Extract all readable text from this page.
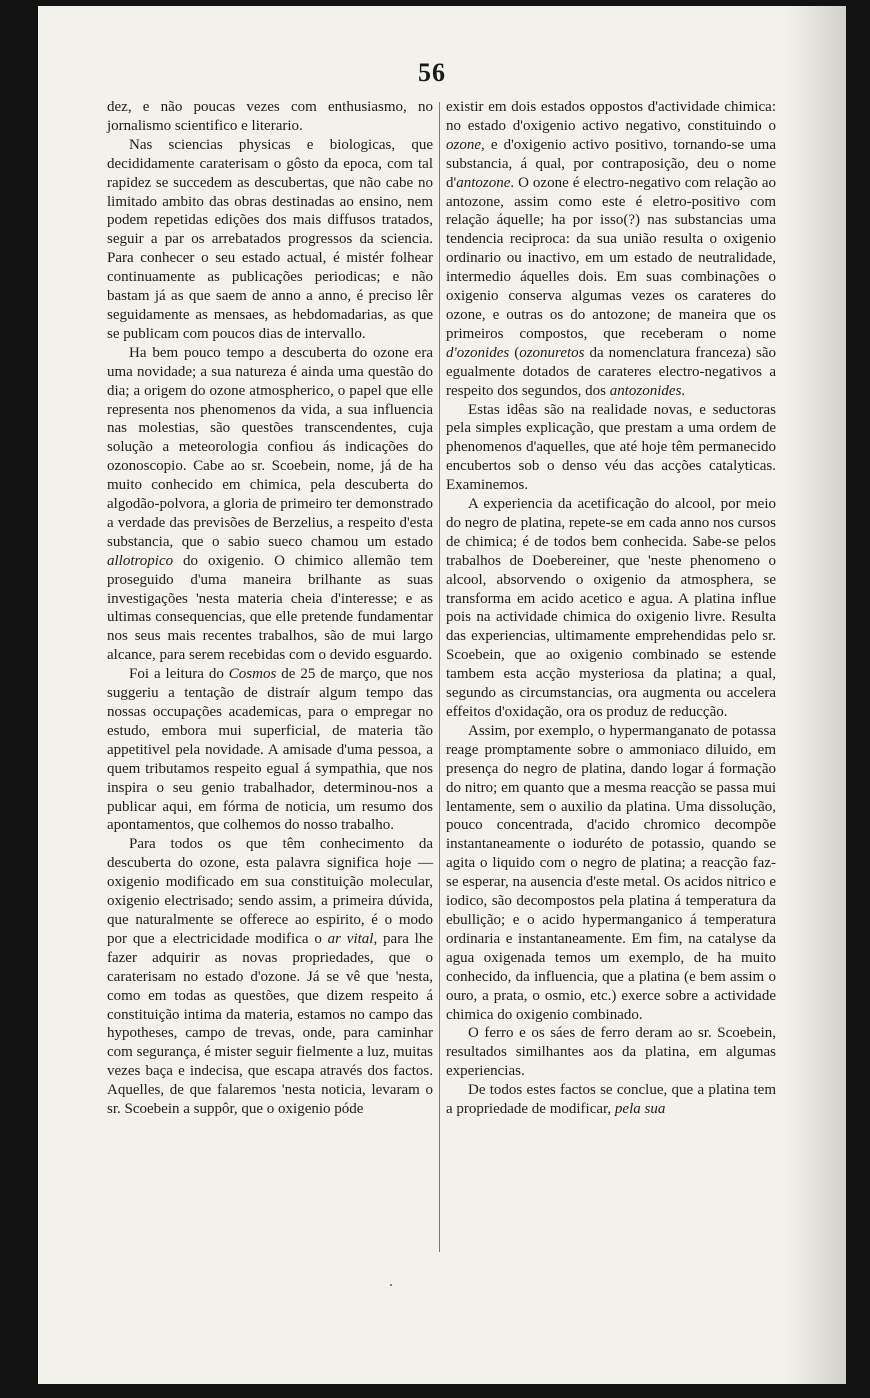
56

dez, e não poucas vezes com enthusiasmo, no jornalismo scientifico e literario.

Nas sciencias physicas e biologicas, que decididamente caraterisam o gôsto da epoca, com tal rapidez se succedem as descubertas, que não cabe no limitado ambito das obras destinadas ao ensino, nem podem repetidas edições dos mais diffusos tratados, seguir a par os arrebatados progressos da sciencia. Para conhecer o seu estado actual, é mistér folhear continuamente as publicações periodicas; e não bastam já as que saem de anno a anno, é preciso lêr seguidamente as mensaes, as hebdomadarias, as que se publicam com poucos dias de intervallo.

Ha bem pouco tempo a descuberta do ozone era uma novidade; a sua natureza é ainda uma questão do dia; a origem do ozone atmospherico, o papel que elle representa nos phenomenos da vida, a sua influencia nas molestias, são questões transcendentes, cuja solução a meteorologia confiou ás indicações do ozonoscopio. Cabe ao sr. Scoebein, nome, já de ha muito conhecido em chimica, pela descuberta do algodão-polvora, a gloria de primeiro ter demonstrado a verdade das previsões de Berzelius, a respeito d'esta substancia, que o sabio sueco chamou um estado allotropico do oxigenio. O chimico allemão tem proseguido d'uma maneira brilhante as suas investigações 'nesta materia cheia d'interesse; e as ultimas consequencias, que elle pretende fundamentar nos seus mais recentes trabalhos, são de mui largo alcance, para serem recebidas com o devido esguardo.

Foi a leitura do Cosmos de 25 de março, que nos suggeriu a tentação de distraír algum tempo das nossas occupações academicas, para o empregar no estudo, embora mui superficial, de materia tão appetitivel pela novidade. A amisade d'uma pessoa, a quem tributamos respeito egual á sympathia, que nos inspira o seu genio trabalhador, determinou-nos a publicar aqui, em fórma de noticia, um resumo dos apontamentos, que colhemos do nosso trabalho.

Para todos os que têm conhecimento da descuberta do ozone, esta palavra significa hoje — oxigenio modificado em sua constituição molecular, oxigenio electrisado; sendo assim, a primeira dúvida, que naturalmente se offerece ao espirito, é o modo por que a electricidade modifica o ar vital, para lhe fazer adquirir as novas propriedades, que o caraterisam no estado d'ozone. Já se vê que 'nesta, como em todas as questões, que dizem respeito á constituição intima da materia, estamos no campo das hypotheses, campo de trevas, onde, para caminhar com segurança, é mister seguir fielmente a luz, muitas vezes baça e indecisa, que escapa através dos factos. Aquelles, de que falaremos 'nesta noticia, levaram o sr. Scoebein a suppôr, que o oxigenio póde

existir em dois estados oppostos d'actividade chimica: no estado d'oxigenio activo negativo, constituindo o ozone, e d'oxigenio activo positivo, tornando-se uma substancia, á qual, por contraposição, deu o nome d'antozone. O ozone é electro-negativo com relação ao antozone, assim como este é eletro-positivo com relação áquelle; ha por isso(?) nas substancias uma tendencia reciproca: da sua união resulta o oxigenio ordinario ou inactivo, em um estado de neutralidade, intermedio áquelles dois. Em suas combinações o oxigenio conserva algumas vezes os carateres do ozone, e outras os do antozone; de maneira que os primeiros compostos, que receberam o nome d'ozonides (ozonuretos da nomenclatura franceza) são egualmente dotados de carateres electro-negativos a respeito dos segundos, dos antozonides.

Estas idêas são na realidade novas, e seductoras pela simples explicação, que prestam a uma ordem de phenomenos d'aquelles, que até hoje têm permanecido encubertos sob o denso véu das acções catalyticas. Examinemos.

A experiencia da acetificação do alcool, por meio do negro de platina, repete-se em cada anno nos cursos de chimica; é de todos bem conhecida. Sabe-se pelos trabalhos de Doebereiner, que 'neste phenomeno o alcool, absorvendo o oxigenio da atmosphera, se transforma em acido acetico e agua. A platina influe pois na actividade chimica do oxigenio livre. Resulta das experiencias, ultimamente emprehendidas pelo sr. Scoebein, que ao oxigenio combinado se estende tambem esta acção mysteriosa da platina; a qual, segundo as circumstancias, ora augmenta ou accelera effeitos d'oxidação, ora os produz de reducção.

Assim, por exemplo, o hypermanganato de potassa reage promptamente sobre o ammoniaco diluido, em presença do negro de platina, dando logar á formação do nitro; em quanto que a mesma reacção se passa mui lentamente, sem o auxilio da platina. Uma dissolução, pouco concentrada, d'acido chromico decompõe instantaneamente o ioduréto de potassio, quando se agita o liquido com o negro de platina; a reacção faz-se esperar, na ausencia d'este metal. Os acidos nitrico e iodico, são decompostos pela platina á temperatura da ebullição; e o acido hypermanganico á temperatura ordinaria e instantaneamente. Em fim, na catalyse da agua oxigenada temos um exemplo, de ha muito conhecido, da influencia, que a platina (e bem assim o ouro, a prata, o osmio, etc.) exerce sobre a actividade chimica do oxigenio combinado.

O ferro e os sáes de ferro deram ao sr. Scoebein, resultados similhantes aos da platina, em algumas experiencias.

De todos estes factos se conclue, que a platina tem a propriedade de modificar, pela sua
